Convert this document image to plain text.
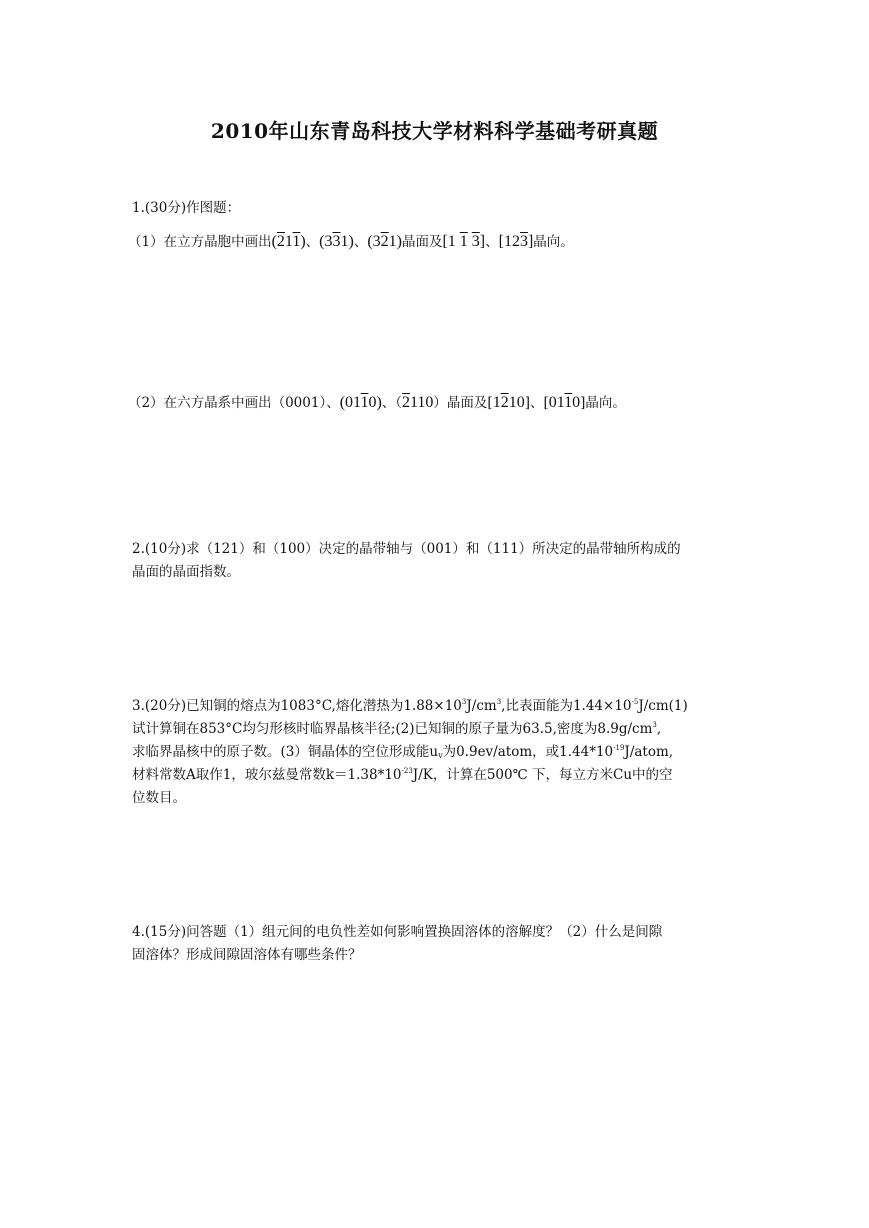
2010年山东青岛科技大学材料科学基础考研真题
1.(30分)作图题：
（1）在立方晶胞中画出(211)、(331)、(321)晶面及[1 1 3]、[123]晶向。
（2）在六方晶系中画出（0001）、(0110)、（2110）晶面及[1210]、[0110]晶向。
2.(10分)求（121）和（100）决定的晶带轴与（001）和（111）所决定的晶带轴所构成的
晶面的晶面指数。
3.(20分)已知铜的熔点为1083°C,熔化潜热为$1.88\times 10^3J/cm^3$,比表面能为$1.44\times 10^{-5}J/cm(1)$
试计算铜在853°C均匀形核时临界晶核半径;(2)已知铜的原子量为63.5,密度为$8.9g/cm^3$,
求临界晶核中的原子数。(3）铜晶体的空位形成能$u_v$为0.9ev/atom，或$1.44*10^{-19}J$/atom,
材料常数A取作1，玻尔兹曼常数$k=1.38*10^{-23}J/K$，计算在500℃ 下，每立方米Cu中的空
位数目。
4.(15分)问答题（1）组元间的电负性差如何影响置换固溶体的溶解度？（2）什么是间隙
固溶体？形成间隙固溶体有哪些条件？
